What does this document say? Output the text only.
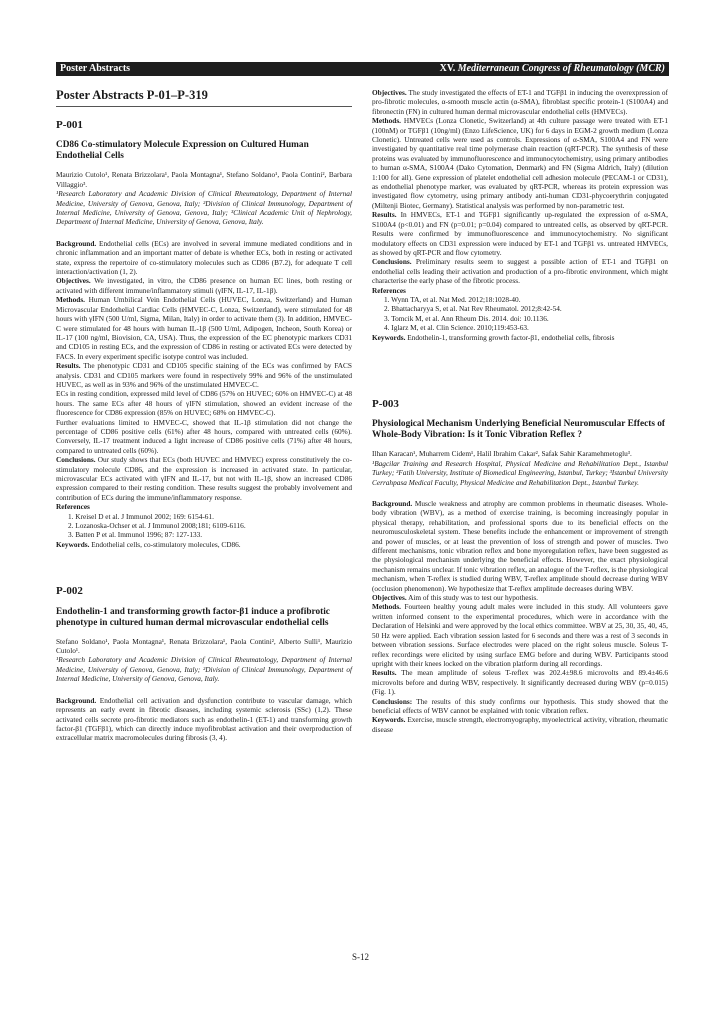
Poster Abstracts	XV. Mediterranean Congress of Rheumatology (MCR)
Poster Abstracts P-01–P-319
P-001
CD86 Co-stimulatory Molecule Expression on Cultured Human Endothelial Cells

Maurizio Cutolo¹, Renata Brizzolara¹, Paola Montagna¹, Stefano Soldano¹, Paola Contini², Barbara Villaggio³.

¹Research Laboratory and Academic Division of Clinical Rheumatology, Department of Internal Medicine, University of Genova, Genova, Italy; ²Division of Clinical Immunology, Department of Internal Medicine, University of Genova, Genova, Italy; ³Clinical Academic Unit of Nephrology, Department of Internal Medicine, University of Genova, Genova, Italy.

Background. Endothelial cells (ECs) are involved in several immune mediated conditions and in chronic inflammation and an important matter of debate is whether ECs, both in resting or activated state, express the repertoire of co-stimulatory molecules such as CD86 (B7.2), for adequate T cell interaction/activation (1, 2).

Objectives. We investigated, in vitro, the CD86 presence on human EC lines, both resting or activated with different immune/inflammatory stimuli (γIFN, IL-17, IL-1β).

Methods. Human Umbilical Vein Endothelial Cells (HUVEC, Lonza, Switzerland) and Human Microvascular Endothelial Cardiac Cells (HMVEC-C, Lonza, Switzerland), were stimulated for 48 hours with γIFN (500 U/ml, Sigma, Milan, Italy) in order to activate them (3). In addition, HMVEC-C were stimulated for 48 hours with human IL-1β (500 U/ml, Adipogen, Incheon, South Korea) or IL-17 (100 ng/ml, Biovision, CA, USA). Thus, the expression of the EC phenotypic markers CD31 and CD105 in resting ECs, and the expression of CD86 in resting or activated ECs were detected by FACS. In every experiment specific isotype control was included.

Results. The phenotypic CD31 and CD105 specific staining of the ECs was confirmed by FACS analysis. CD31 and CD105 markers were found in respectively 99% and 96% of the unstimulated HUVEC, as well as in 93% and 96% of the unstimulated HMVEC-C.

ECs in resting condition, expressed mild level of CD86 (57% on HUVEC; 60% on HMVEC-C) at 48 hours. The same ECs after 48 hours of γIFN stimulation, showed an evident increase of the fluorescence for CD86 expression (85% on HUVEC; 68% on HMVEC-C).

Further evaluations limited to HMVEC-C, showed that IL-1β stimulation did not change the percentage of CD86 positive cells (61%) after 48 hours, compared with untreated cells (60%). Conversely, IL-17 treatment induced a light increase of CD86 positive cells (71%) after 48 hours, compared to untreated cells (60%).

Conclusions. Our study shows that ECs (both HUVEC and HMVEC) express constitutively the co-stimulatory molecule CD86, and the expression is increased in activated state. In particular, microvascular ECs activated with γIFN and IL-17, but not with IL-1β, show an increased CD86 expression compared to their resting condition. These results suggest the probably involvement and contribution of ECs during the immune/inflammatory response.

References
1. Kreisel D et al. J Immunol 2002; 169: 6154-61.
2. Lozanoska-Ochser et al. J Immunol 2008;181; 6109-6116.
3. Batten P et al. Immunol 1996; 87: 127-133.

Keywords. Endothelial cells, co-stimulatory molecules, CD86.

P-002
Endothelin-1 and transforming growth factor-β1 induce a profibrotic phenotype in cultured human dermal microvascular endothelial cells

Stefano Soldano¹, Paola Montagna¹, Renata Brizzolara¹, Paola Contini², Alberto Sulli¹, Maurizio Cutolo¹.

¹Research Laboratory and Academic Division of Clinical Rheumatology, Department of Internal Medicine, University of Genova, Genova, Italy; ²Division of Clinical Immunology, Department of Internal Medicine, University of Genova, Genova, Italy.

Background. Endothelial cell activation and dysfunction contribute to vascular damage, which represents an early event in fibrotic diseases, including systemic sclerosis (SSc) (1,2). These activated cells secrete pro-fibrotic mediators such as endothelin-1 (ET-1) and transforming growth factor-β1 (TGFβ1), which can directly induce myofibroblast activation and their overproduction of extracellular matrix macromolecules during fibrosis (3, 4).

Objectives. The study investigated the effects of ET-1 and TGFβ1 in inducing the overexpression of pro-fibrotic molecules, α-smooth muscle actin (α-SMA), fibroblast specific protein-1 (S100A4) and fibronectin (FN) in cultured human dermal microvascular endothelial cells (HMVECs).

Methods. HMVECs (Lonza Clonetic, Switzerland) at 4th culture passage were treated with ET-1 (100nM) or TGFβ1 (10ng/ml) (Enzo LifeScience, UK) for 6 days in EGM-2 growth medium (Lonza Clonetic). Untreated cells were used as controls. Expressions of α-SMA, S100A4 and FN were investigated by quantitative real time polymerase chain reaction (qRT-PCR). The synthesis of these proteins was evaluated by immunofluorescence and immunocytochemistry, using primary antibodies to human α-SMA, S100A4 (Dako Cytomation, Denmark) and FN (Sigma Aldrich, Italy) (dilution 1:100 for all). Gene expression of platelet endothelial cell adhesion molecule (PECAM-1 or CD31), as endothelial phenotype marker, was evaluated by qRT-PCR, whereas its protein expression was investigated flow cytometry, using primary antibody anti-human CD31-phycoerythrin conjugated (Miltenji Biotec, Germany). Statistical analysis was performed by non-parametric test.

Results. In HMVECs, ET-1 and TGFβ1 significantly up-regulated the expression of α-SMA, S100A4 (p<0.01) and FN (p=0.01; p=0.04) compared to untreated cells, as observed by qRT-PCR. Results were confirmed by immunofluorescence and immunocytochemistry. No significant modulatory effects on CD31 expression were induced by ET-1 and TGFβ1 vs. untreated HMVECs, as showed by qRT-PCR and flow cytometry.

Conclusions. Preliminary results seem to suggest a possible action of ET-1 and TGFβ1 on endothelial cells leading their activation and production of a pro-fibrotic environment, which might characterise the early phase of the fibrotic process.

References
1. Wynn TA, et al. Nat Med. 2012;18:1028-40.
2. Bhattacharyya S, et al. Nat Rev Rheumatol. 2012;8:42-54.
3. Tomcik M, et al. Ann Rheum Dis. 2014. doi: 10.1136.
4. Iglarz M, et al. Clin Science. 2010;119:453-63.

Keywords. Endothelin-1, transforming growth factor-β1, endothelial cells, fibrosis

P-003
Physiological Mechanism Underlying Beneficial Neuromuscular Effects of Whole-Body Vibration: Is it Tonic Vibration Reflex ?

Ilhan Karacan¹, Muharrem Cidem¹, Halil Ibrahim Cakar², Safak Sahir Karamehmetoglu³.

¹Bagcilar Training and Research Hospital, Physical Medicine and Rehabilitation Dept., Istanbul Turkey; ²Fatih University, Institute of Biomedical Engineering, Istanbul, Turkey; ³Istanbul University Cerrahpasa Medical Faculty, Physical Medicine and Rehabilitation Dept., Istanbul Turkey.

Background. Muscle weakness and atrophy are common problems in rheumatic diseases. Whole-body vibration (WBV), as a method of exercise training, is becoming increasingly popular in physical therapy, rehabilitation, and professional sports due to its beneficial effects on the neuromusculoskeletal system. These benefits include the enhancement or improvement of strength and power of muscles, or at least the prevention of loss of strength and power of muscles. Two different mechanisms, tonic vibration reflex and bone myoregulation reflex, have been suggested as the physiological mechanism underlying the beneficial effects. However, the exact physiological mechanism remains unclear. If tonic vibration reflex, an analogue of the T-reflex, is the physiological mechanism, when T-reflex is studied during WBV, T-reflex amplitude should decrease during WBV (occlusion phenomenon). We hypothesize that T-reflex amplitude decreases during WBV.

Objectives. Aim of this study was to test our hypothesis.

Methods. Fourteen healthy young adult males were included in this study. All volunteers gave written informed consent to the experimental procedures, which were in accordance with the Declaration of Helsinki and were approved by the local ethics committee. WBV at 25, 30, 35, 40, 45, 50 Hz were applied. Each vibration session lasted for 6 seconds and there was a rest of 3 seconds in between vibration sessions. Surface electrodes were placed on the right soleus muscle. Soleus T-reflex recordings were elicited by using surface EMG before and during WBV. Participants stood upright with their knees locked on the vibration platform during all recordings.

Results. The mean amplitude of soleus T-reflex was 202.4±98.6 microvolts and 89.4±46.6 microvolts before and during WBV, respectively. It significantly decreased during WBV (p=0.015) (Fig. 1).

Conclusions: The results of this study confirms our hypothesis. This study showed that the beneficial effects of WBV cannot be explained with tonic vibration reflex.

Keywords. Exercise, muscle strength, electromyography, myoelectrical activity, vibration, rheumatic disease

S-12
